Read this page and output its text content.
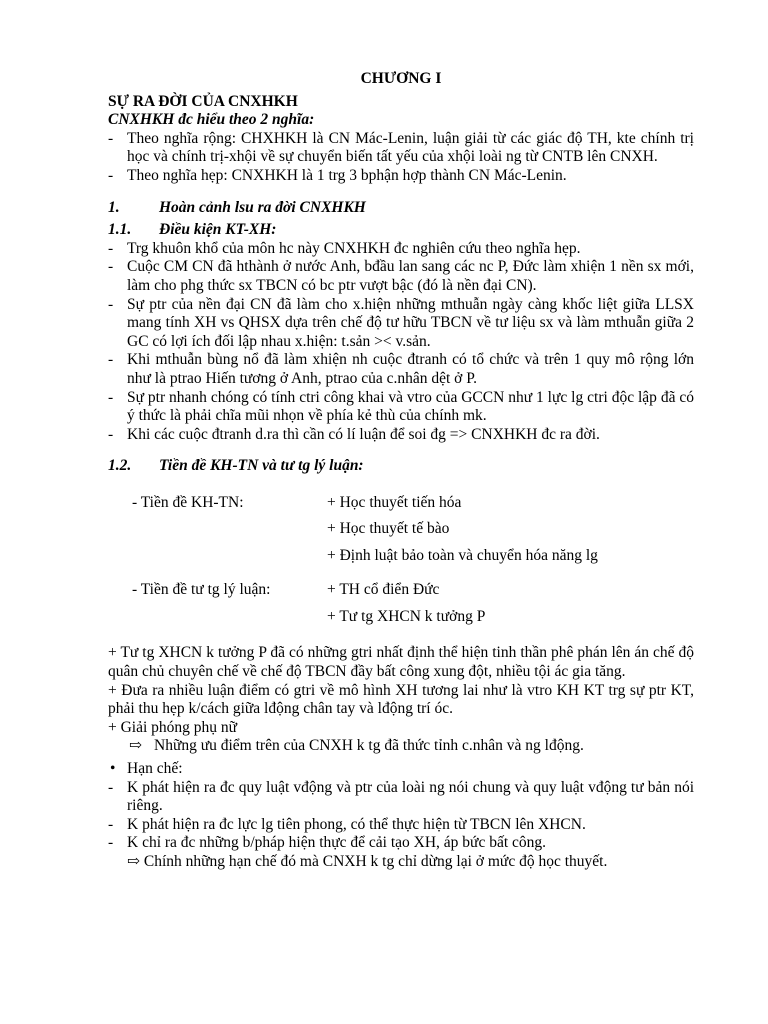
CHƯƠNG I
SỰ RA ĐỜI CỦA CNXHKH
CNXHKH đc hiểu theo 2 nghĩa:
- Theo nghĩa rộng: CHXHKH là CN Mác-Lenin, luận giải từ các giác độ TH, kte chính trị học và chính trị-xhội về sự chuyển biến tất yếu của xhội loài ng từ CNTB lên CNXH.
- Theo nghĩa hẹp: CNXHKH là 1 trg 3 bphận hợp thành CN Mác-Lenin.
1.	Hoàn cảnh lsu ra đời CNXHKH
1.1. Điều kiện KT-XH:
- Trg khuôn khổ của môn hc này CNXHKH đc nghiên cứu theo nghĩa hẹp.
- Cuộc CM CN đã hthành ở nước Anh, bđầu lan sang các nc P, Đức làm xhiện 1 nền sx mới, làm cho phg thức sx TBCN có bc ptr vượt bậc (đó là nền đại CN).
- Sự ptr của nền đại CN đã làm cho x.hiện những mthuẫn ngày càng khốc liệt giữa LLSX mang tính XH vs QHSX dựa trên chế độ tư hữu TBCN về tư liệu sx và làm mthuẫn giữa 2 GC có lợi ích đối lập nhau x.hiện: t.sản >< v.sản.
- Khi mthuẫn bùng nổ đã làm xhiện nh cuộc đtranh có tổ chức và trên 1 quy mô rộng lớn như là ptrao Hiến tương ở Anh, ptrao của c.nhân dệt ở P.
- Sự ptr nhanh chóng có tính ctri công khai và vtro của GCCN như 1 lực lg ctri độc lập đã có ý thức là phải chĩa mũi nhọn về phía kẻ thù của chính mk.
- Khi các cuộc đtranh d.ra thì cần có lí luận để soi đg => CNXHKH đc ra đời.
1.2. Tiền đề KH-TN và tư tg lý luận:
- Tiền đề KH-TN:	+ Học thuyết tiến hóa
+ Học thuyết tế bào
+ Định luật bảo toàn và chuyển hóa năng lg
- Tiền đề tư tg lý luận:	+ TH cổ điển Đức
+ Tư tg XHCN k tưởng P
+ Tư tg XHCN k tưởng P đã có những gtri nhất định thể hiện tinh thần phê phán lên án chế độ quân chủ chuyên chế về chế độ TBCN đầy bất công xung đột, nhiều tội ác gia tăng.
+ Đưa ra nhiều luận điểm có gtri về mô hình XH tương lai như là vtro KH KT trg sự ptr KT, phải thu hẹp k/cách giữa lđộng chân tay và lđộng trí óc.
+ Giải phóng phụ nữ
⇨ Những ưu điểm trên của CNXH k tg đã thức tỉnh c.nhân và ng lđộng.
• Hạn chế:
- K phát hiện ra đc quy luật vđộng và ptr của loài ng nói chung và quy luật vđộng tư bản nói riêng.
- K phát hiện ra đc lực lg tiên phong, có thể thực hiện từ TBCN lên XHCN.
- K chỉ ra đc những b/pháp hiện thực để cải tạo XH, áp bức bất công.
⇨ Chính những hạn chế đó mà CNXH k tg chỉ dừng lại ở mức độ học thuyết.
